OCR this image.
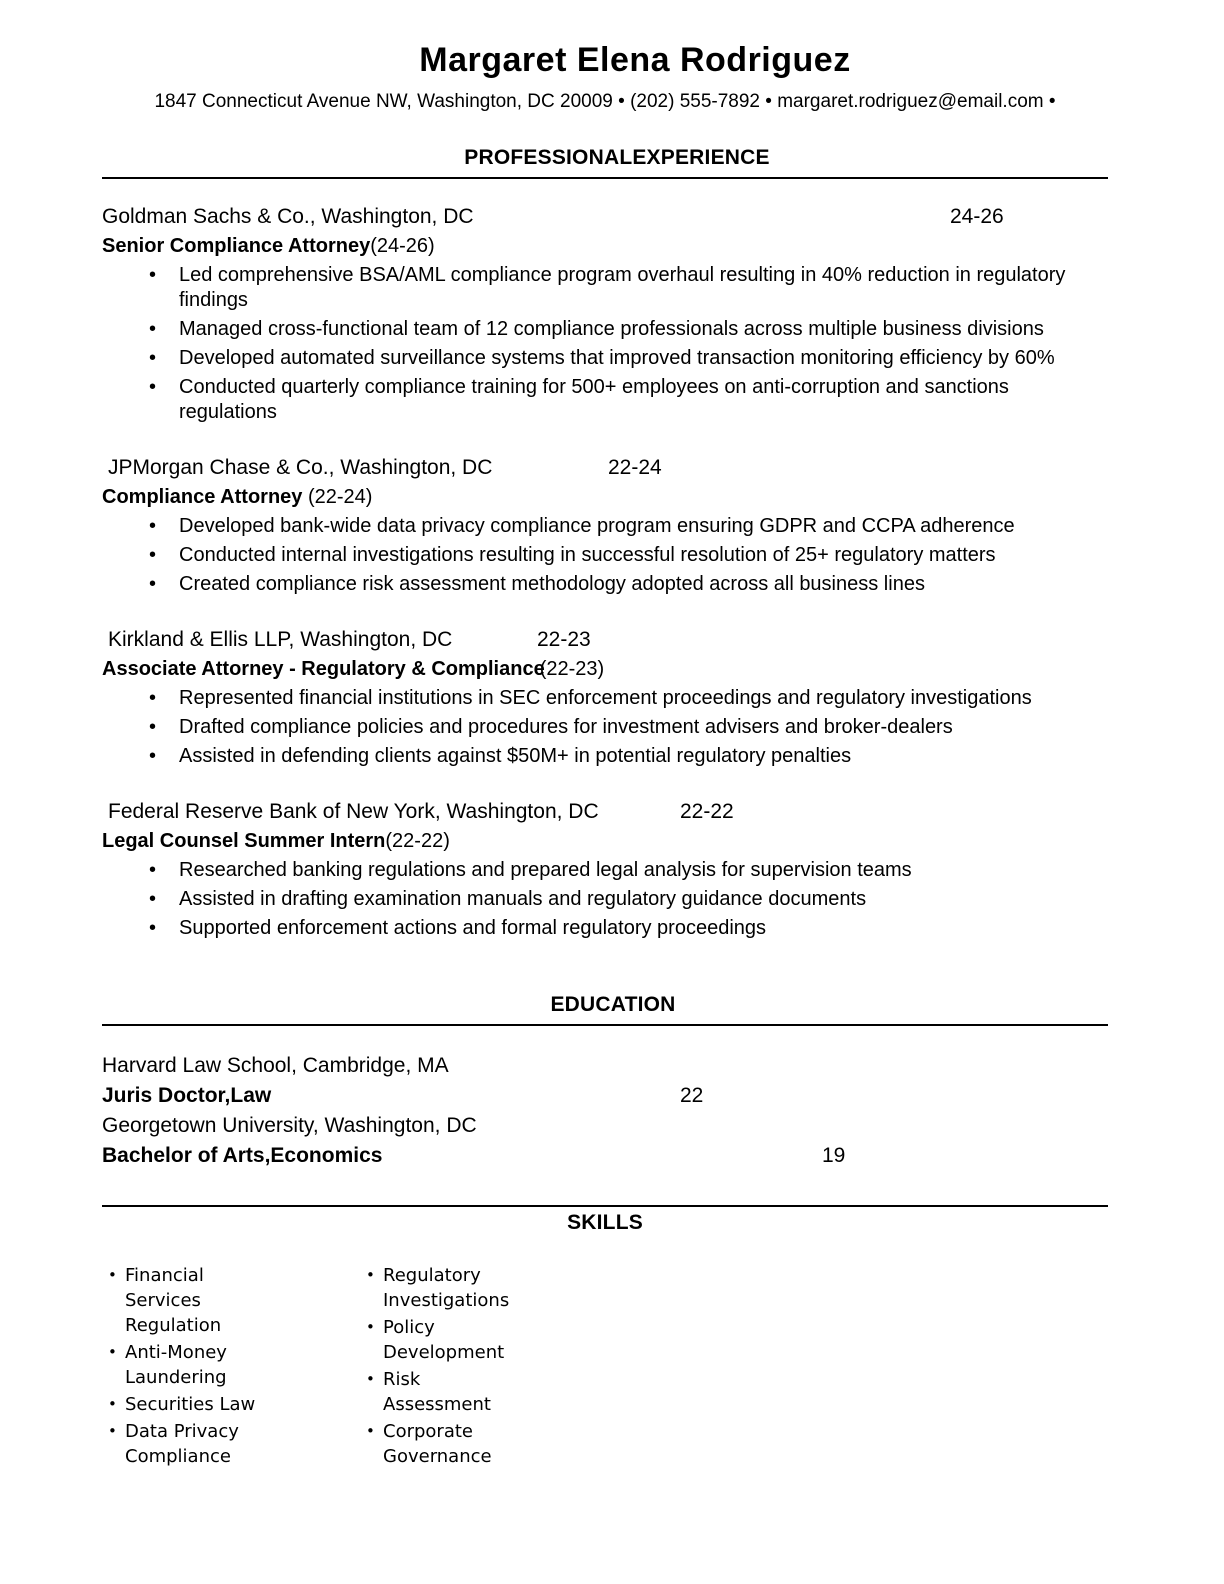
Margaret Elena Rodriguez
1847 Connecticut Avenue NW, Washington, DC 20009 • (202) 555-7892 • margaret.rodriguez@email.com •
PROFESSIONALEXPERIENCE
Goldman Sachs & Co., Washington, DC	24-26
Senior Compliance Attorney(24-26)
• Led comprehensive BSA/AML compliance program overhaul resulting in 40% reduction in regulatory findings
• Managed cross-functional team of 12 compliance professionals across multiple business divisions
• Developed automated surveillance systems that improved transaction monitoring efficiency by 60%
• Conducted quarterly compliance training for 500+ employees on anti-corruption and sanctions regulations
JPMorgan Chase & Co., Washington, DC	22-24
Compliance Attorney (22-24)
• Developed bank-wide data privacy compliance program ensuring GDPR and CCPA adherence
• Conducted internal investigations resulting in successful resolution of 25+ regulatory matters
• Created compliance risk assessment methodology adopted across all business lines
Kirkland & Ellis LLP, Washington, DC	22-23
Associate Attorney - Regulatory & Compliance(22-23)
• Represented financial institutions in SEC enforcement proceedings and regulatory investigations
• Drafted compliance policies and procedures for investment advisers and broker-dealers
• Assisted in defending clients against $50M+ in potential regulatory penalties
Federal Reserve Bank of New York, Washington, DC	22-22
Legal Counsel Summer Intern(22-22)
• Researched banking regulations and prepared legal analysis for supervision teams
• Assisted in drafting examination manuals and regulatory guidance documents
• Supported enforcement actions and formal regulatory proceedings
EDUCATION
Harvard Law School, Cambridge, MA
Juris Doctor,Law	22
Georgetown University, Washington, DC
Bachelor of Arts,Economics	19
SKILLS
• Financial Services Regulation
• Anti-Money Laundering
• Securities Law
• Data Privacy Compliance
• Regulatory Investigations
• Policy Development
• Risk Assessment
• Corporate Governance
